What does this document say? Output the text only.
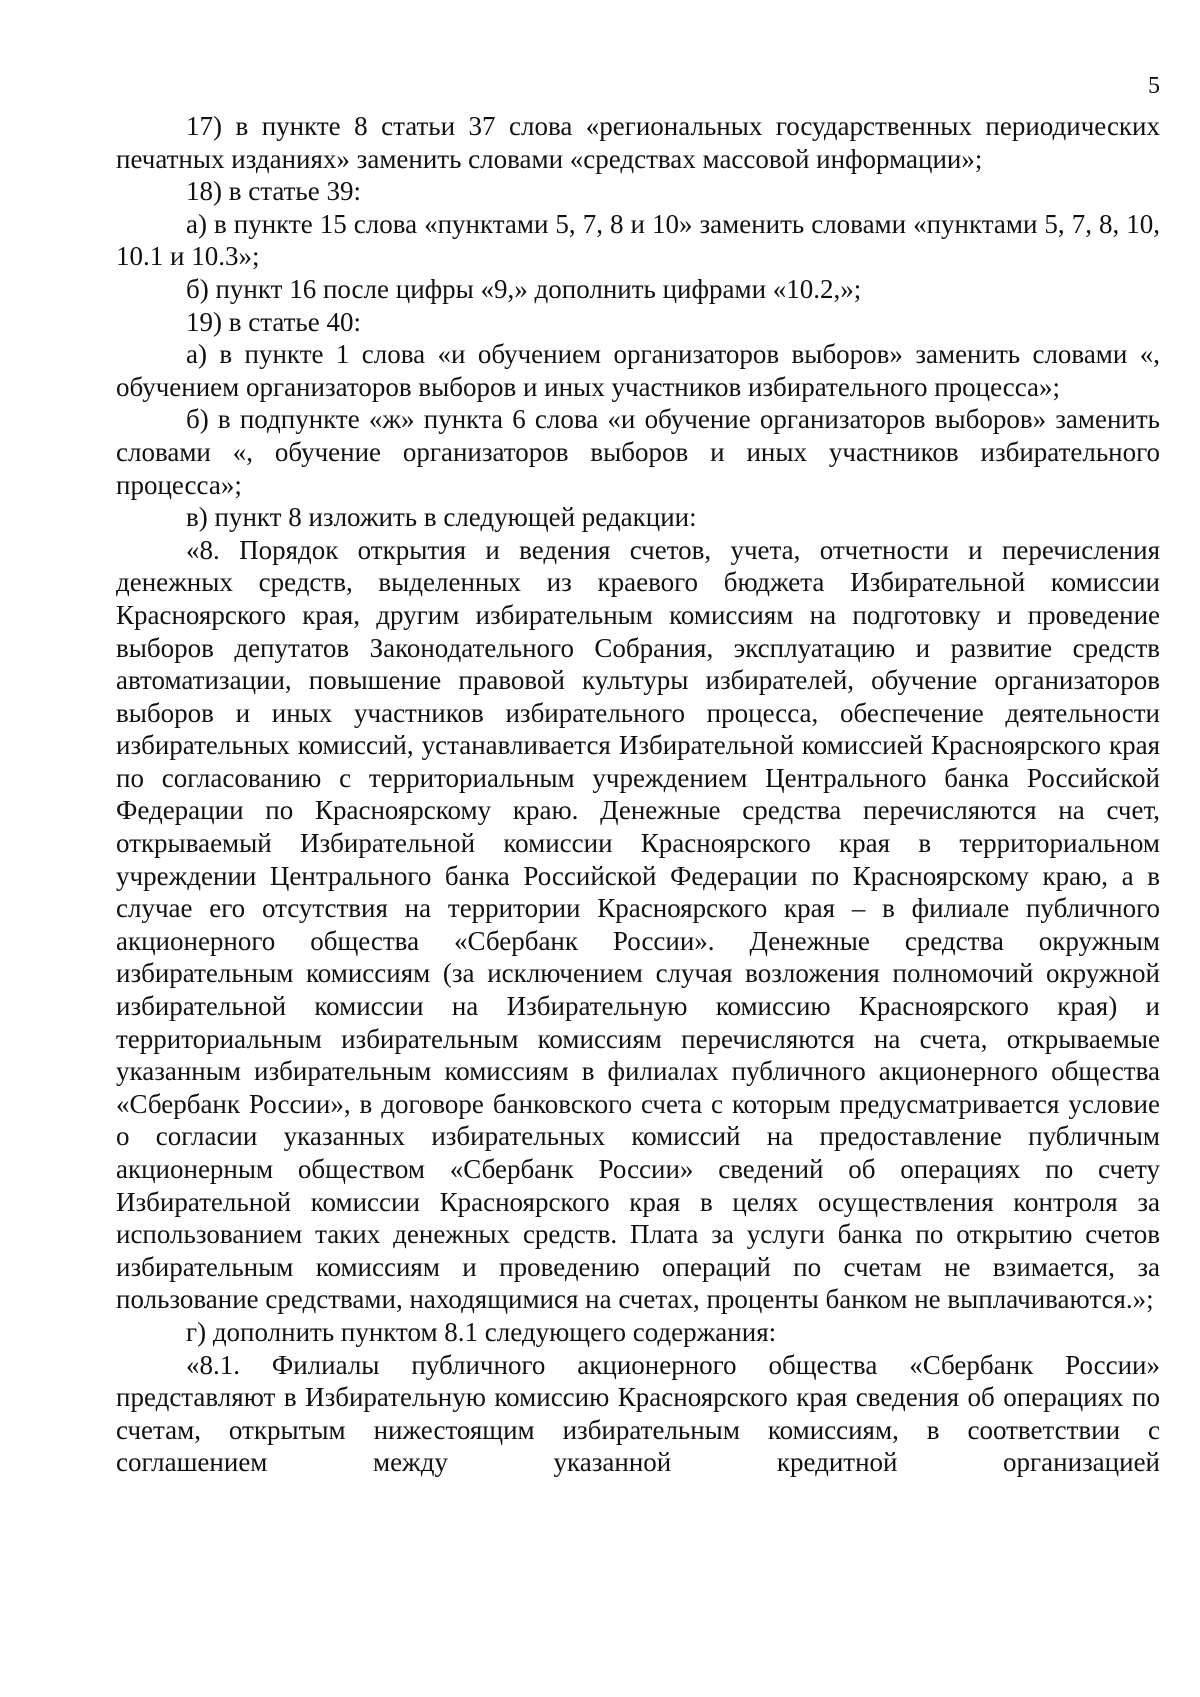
5

17) в пункте 8 статьи 37 слова «региональных государственных периодических печатных изданиях» заменить словами «средствах массовой информации»;

18) в статье 39:

а) в пункте 15 слова «пунктами 5, 7, 8 и 10» заменить словами «пунктами 5, 7, 8, 10, 10.1 и 10.3»;

б) пункт 16 после цифры «9,» дополнить цифрами «10.2,»;

19) в статье 40:

а) в пункте 1 слова «и обучением организаторов выборов» заменить словами «, обучением организаторов выборов и иных участников избирательного процесса»;

б) в подпункте «ж» пункта 6 слова «и обучение организаторов выборов» заменить словами «, обучение организаторов выборов и иных участников избирательного процесса»;

в) пункт 8 изложить в следующей редакции:

«8. Порядок открытия и ведения счетов, учета, отчетности и перечисления денежных средств, выделенных из краевого бюджета Избирательной комиссии Красноярского края, другим избирательным комиссиям на подготовку и проведение выборов депутатов Законодательного Собрания, эксплуатацию и развитие средств автоматизации, повышение правовой культуры избирателей, обучение организаторов выборов и иных участников избирательного процесса, обеспечение деятельности избирательных комиссий, устанавливается Избирательной комиссией Красноярского края по согласованию с территориальным учреждением Центрального банка Российской Федерации по Красноярскому краю. Денежные средства перечисляются на счет, открываемый Избирательной комиссии Красноярского края в территориальном учреждении Центрального банка Российской Федерации по Красноярскому краю, а в случае его отсутствия на территории Красноярского края – в филиале публичного акционерного общества «Сбербанк России». Денежные средства окружным избирательным комиссиям (за исключением случая возложения полномочий окружной избирательной комиссии на Избирательную комиссию Красноярского края) и территориальным избирательным комиссиям перечисляются на счета, открываемые указанным избирательным комиссиям в филиалах публичного акционерного общества «Сбербанк России», в договоре банковского счета с которым предусматривается условие о согласии указанных избирательных комиссий на предоставление публичным акционерным обществом «Сбербанк России» сведений об операциях по счету Избирательной комиссии Красноярского края в целях осуществления контроля за использованием таких денежных средств. Плата за услуги банка по открытию счетов избирательным комиссиям и проведению операций по счетам не взимается, за пользование средствами, находящимися на счетах, проценты банком не выплачиваются.»;

г) дополнить пунктом 8.1 следующего содержания:

«8.1. Филиалы публичного акционерного общества «Сбербанк России» представляют в Избирательную комиссию Красноярского края сведения об операциях по счетам, открытым нижестоящим избирательным комиссиям, в соответствии с соглашением между указанной кредитной организацией
